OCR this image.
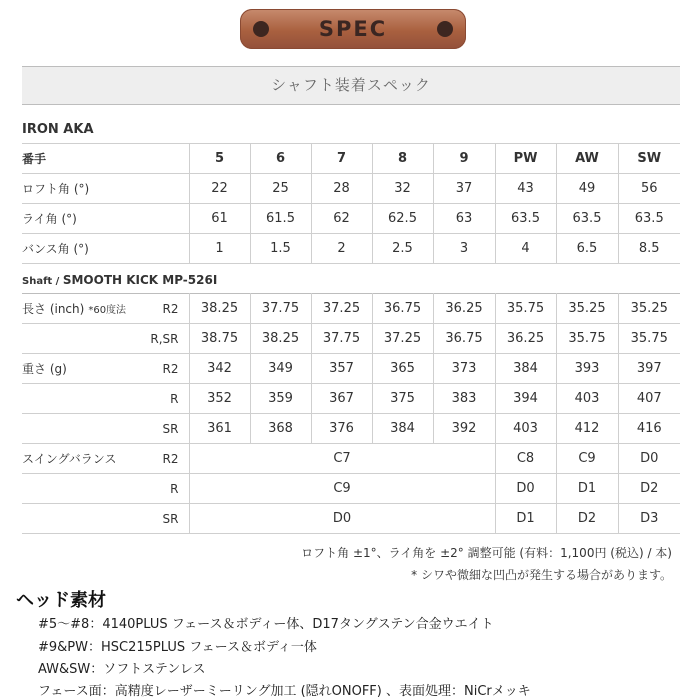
SPEC
シャフト装着スペック
IRON AKA
番手	5	6	7	8	9	PW	AW	SW
ロフト角 (°)	22	25	28	32	37	43	49	56
ライ角 (°)	61	61.5	62	62.5	63	63.5	63.5	63.5
バンス角 (°)	1	1.5	2	2.5	3	4	6.5	8.5
Shaft / SMOOTH KICK MP-526I
長さ (inch) *60度法 R2	38.25	37.75	37.25	36.75	36.25	35.75	35.25	35.25

R,SR	38.75	38.25	37.75	37.25	36.75	36.25	35.75	35.75

重さ (g) R2	342	349	357	365	373	384	393	397

R	352	359	367	375	383	394	403	407

SR	361	368	376	384	392	403	412	416

スイングバランス R2	C7					C8	C9	D0

R	C9					D0	D1	D2

SR	D0					D1	D2	D3
ロフト角 ±1°、ライ角を ±2° 調整可能 (有料：1,100円 (税込) / 本)
* シワや微細な凹凸が発生する場合があります。
ヘッド素材
#5〜#8：4140PLUS フェース＆ボディー体、D17タングステン合金ウエイト
#9&PW：HSC215PLUS フェース＆ボディ一体
AW&SW：ソフトステンレス
フェース面：高精度レーザーミーリング加工 (隠れONOFF) 、表面処理：NiCrメッキ
